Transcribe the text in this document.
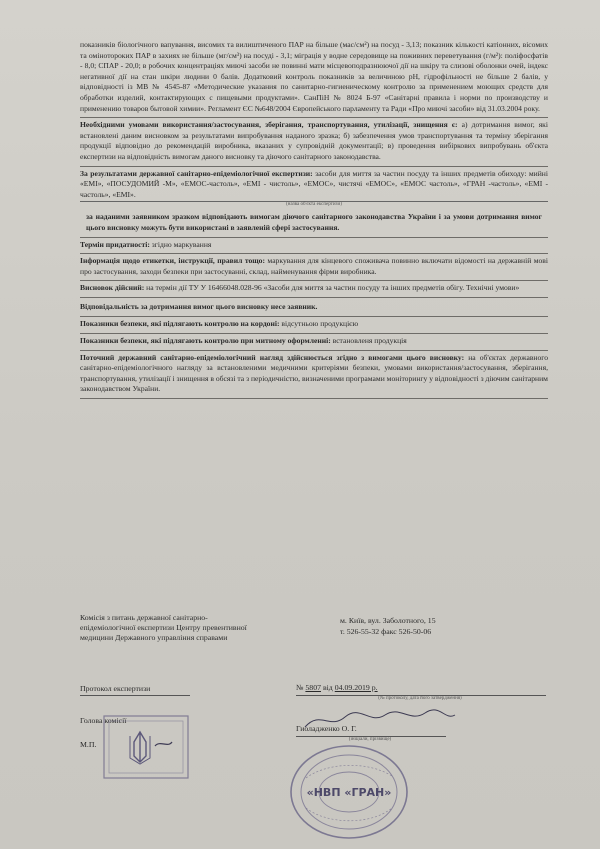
показників біологічного вапування, висомих та вилиштиченого ПАР на більше (мас/см²) на посуд - 3,13; показник кількості катіонних, вісомих та омінотороких ПАР в захиях не більше (мг/см³) на посуді - 3,1; міграція у водне середовище на поживних переветування (г/м²): поліфосфатів - 8,0; СПАР - 20,0; в робочих концентраціях миючі засоби не повинні мати місцевоподразнюючої дії на шкіру та слизові оболонки очей, індекс негативної дії на стан шкіри людини 0 балів. Додатковий контроль показників за величиною pH, гідрофільності не більше 2 балів, у відповідності із МВ № 4545-87 «Методические указания по санитарно-гигиеническому контролю за применением моющих средств для обработки изделий, контактирующих с пищевыми продуктами». СанПіН № 8024 Б-97 «Санітарні правила і норми по производству и применению товаров бытовой химии». Регламент ЄС №648/2004 Європейського парламенту та Ради «Про миючі засоби» від 31.03.2004 року.
Необхідними умовами використання/застосування, зберігання, транспортування, утилізації, знищення є: а) дотримання вимог, які встановлені даним висновком за результатами випробування наданого зразка; б) забезпечення умов транспортування та терміну зберігання продукції відповідно до рекомендацій виробника, вказаних у супровідній документації; в) проведення вибіркових випробувань об'єкта експертизи на відповідність вимогам даного висновку та діючого санітарного законодавства.
За результатами державної санітарно-епідеміологічної експертизи: засоби для миття за частин посуду та інших предметів обиходу: мийні «ЕМІ», «ПОСУДОМИЙ -М», «ЕМОС-частоль», «ЕМІ - чистоль», «ЕМОС», чистячі «ЕМОС», «ЕМОС частоль», «ГРАН -частоль», «ЕМІ - частоль», «ЕМІ».
(назва об'єкта експертизи)
за наданими заявником зразком відповідають вимогам діючого санітарного законодавства України і за умови дотримання вимог цього висновку можуть бути використані в заявленій сфері застосування.
Термін придатності: згідно маркування
Інформація щодо етикетки, інструкції, правил тощо: маркування для кінцевого споживача повинно включати відомості на державній мові про застосування, заходи безпеки при застосуванні, склад, найменування фірми виробника.
Висновок дійсний: на термін дії ТУ У 16466048.028-96 «Засоби для миття за частин посуду та інших предметів обігу. Технічні умови»
Відповідальність за дотримання вимог цього висновку несе заявник.
Показники безпеки, які підлягають контролю на кордоні: відсутньою продукцією
Показники безпеки, які підлягають контролю при митному оформленні: встановленя продукція
Поточний державний санітарно-епідеміологічний нагляд здійснюється згідно з вимогами цього висновку: на об'єктах державного санітарно-епідеміологічного нагляду за встановленими медичними критеріями безпеки, умовами використання/застосування, зберігання, транспортування, утилізації і знищення в обсязі та з періодичністю, визначеними програмами моніторингу у відповідності з діючим санітарним законодавством України.
Комісія з питань державної санітарно-епідеміологічної експертизи Центру превентивної медицини Державного управління справами
м. Київ, вул. Заболотного, 15
т. 526-55-32 факс 526-50-06
Протокол експертизи	№ 5807 від 04.09.2019 р.
(№ протоколу, дата його затвердження)
Голова комісії
Гиоладженко О. Г.
(ініціали, прізвище)
М.П.
«НВП «ГРАН»
